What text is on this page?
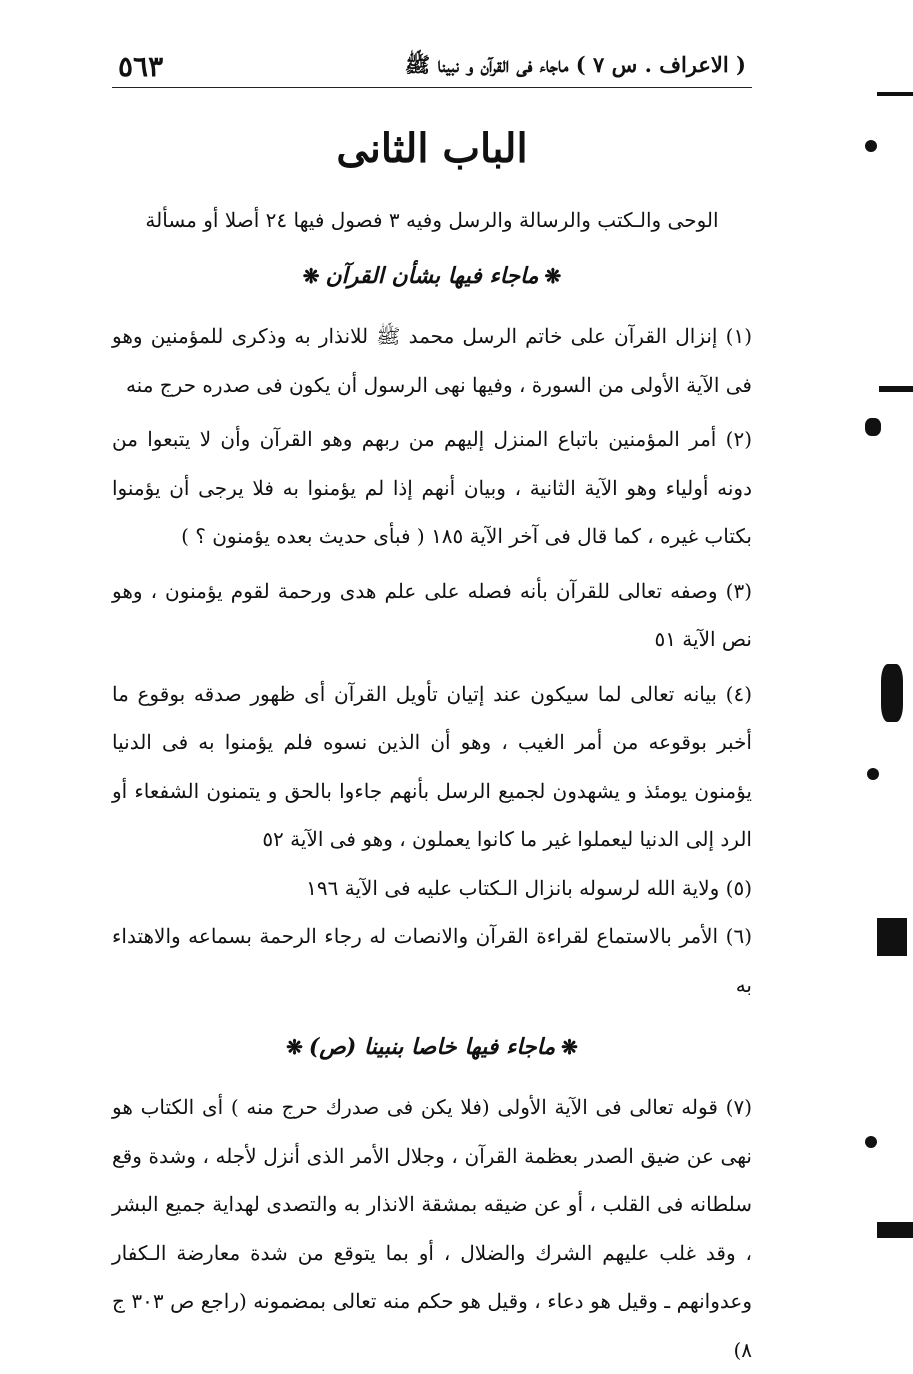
( الاعراف . س ٧ ) ماجاء فى القرآن و نبينا ﷺ
٥٦٣
الباب الثانى
الوحى والـكتب والرسالة والرسل وفيه ٣ فصول فيها ٢٤ أصلا أو مسألة
❋ماجاء فيها بشأن القرآن❋

(١) إنزال القرآن على خاتم الرسل محمد ﷺ للانذار به وذكرى للمؤمنين وهو فى الآية الأولى من السورة ، وفيها نهى الرسول أن يكون فى صدره حرج منه

(٢) أمر المؤمنين باتباع المنزل إليهم من ربهم وهو القرآن وأن لا يتبعوا من دونه أولياء وهو الآية الثانية ، وبيان أنهم إذا لم يؤمنوا به فلا يرجى أن يؤمنوا بكتاب غيره ، كما قال فى آخر الآية ١٨٥ ( فبأى حديث بعده يؤمنون ؟ )

(٣) وصفه تعالى للقرآن بأنه فصله على علم هدى ورحمة لقوم يؤمنون ، وهو نص الآية ٥١

(٤) بيانه تعالى لما سيكون عند إتيان تأويل القرآن أى ظهور صدقه بوقوع ما أخبر بوقوعه من أمر الغيب ، وهو أن الذين نسوه فلم يؤمنوا به فى الدنيا يؤمنون يومئذ و يشهدون لجميع الرسل بأنهم جاءوا بالحق و يتمنون الشفعاء أو الرد إلى الدنيا ليعملوا غير ما كانوا يعملون ، وهو فى الآية ٥٢

(٥) ولاية الله لرسوله بانزال الـكتاب عليه فى الآية ١٩٦

(٦) الأمر بالاستماع لقراءة القرآن والانصات له رجاء الرحمة بسماعه والاهتداء به

❋ماجاء فيها خاصا بنبينا (ص)❋

(٧) قوله تعالى فى الآية الأولى (فلا يكن فى صدرك حرج منه ) أى الكتاب هو نهى عن ضيق الصدر بعظمة القرآن ، وجلال الأمر الذى أنزل لأجله ، وشدة وقع سلطانه فى القلب ، أو عن ضيقه بمشقة الانذار به والتصدى لهداية جميع البشر ، وقد غلب عليهم الشرك والضلال ، أو بما يتوقع من شدة معارضة الـكفار وعدوانهم ـ وقيل هو دعاء ، وقيل هو حكم منه تعالى بمضمونه (راجع ص ٣٠٣ ج ٨)
